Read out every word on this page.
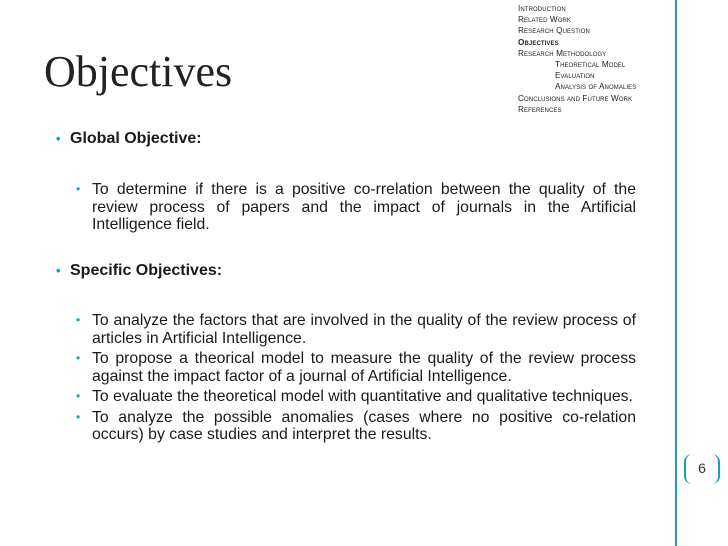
Objectives
Introduction
Related Work
Research Question
Objectives
Research Methodology
Theoretical Model
Evaluation
Analysis of Anomalies
Conclusions and Future Work
References
• Global Objective:
• To determine if there is a positive co-rrelation between the quality of the review process of papers and the impact of journals in the Artificial Intelligence field.
• Specific Objectives:
• To analyze the factors that are involved in the quality of the review process of articles in Artificial Intelligence.
• To propose a theorical model to measure the quality of the review process against the impact factor of a journal of Artificial Intelligence.
• To evaluate the theoretical model with quantitative and qualitative techniques.
• To analyze the possible anomalies (cases where no positive co-relation occurs) by case studies and interpret the results.
6
